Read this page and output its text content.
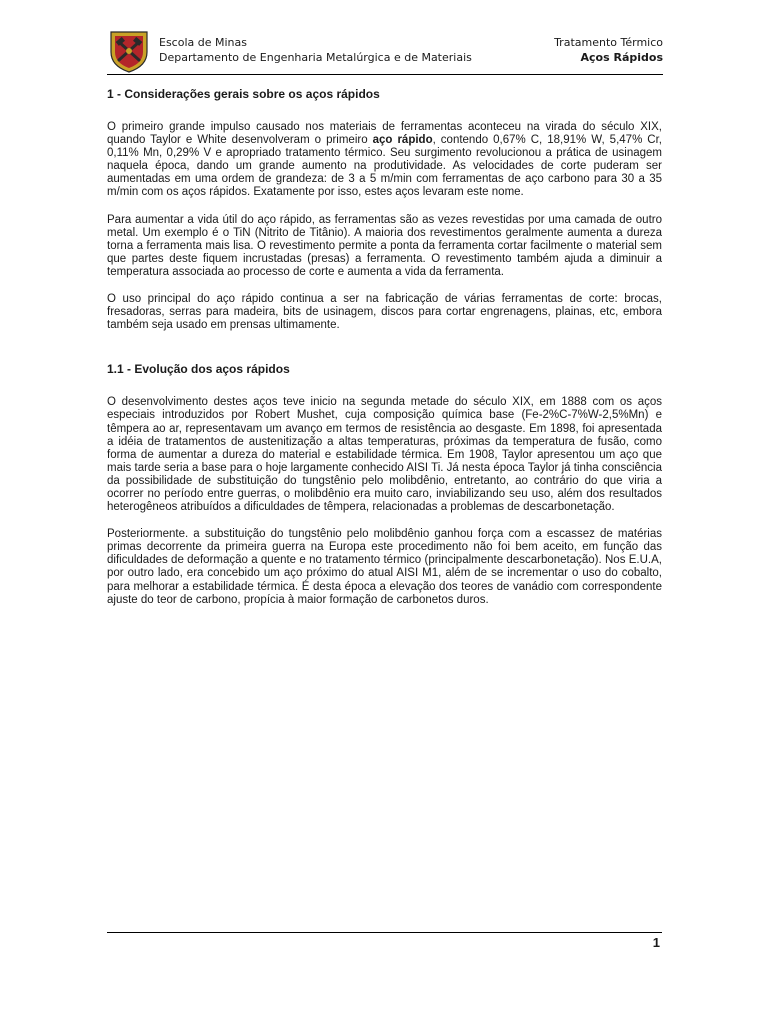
Escola de Minas
Departamento de Engenharia Metalúrgica e de Materiais
Tratamento Térmico
Aços Rápidos
1 - Considerações gerais sobre os aços rápidos

O primeiro grande impulso causado nos materiais de ferramentas aconteceu na virada do século XIX, quando Taylor e White desenvolveram o primeiro aço rápido, contendo 0,67% C, 18,91% W, 5,47% Cr, 0,11% Mn, 0,29% V e apropriado tratamento térmico. Seu surgimento revolucionou a prática de usinagem naquela época, dando um grande aumento na produtividade. As velocidades de corte puderam ser aumentadas em uma ordem de grandeza: de 3 a 5 m/min com ferramentas de aço carbono para 30 a 35 m/min com os aços rápidos. Exatamente por isso, estes aços levaram este nome.

Para aumentar a vida útil do aço rápido, as ferramentas são as vezes revestidas por uma camada de outro metal. Um exemplo é o TiN (Nitrito de Titânio). A maioria dos revestimentos geralmente aumenta a dureza torna a ferramenta mais lisa. O revestimento permite a ponta da ferramenta cortar facilmente o material sem que partes deste fiquem incrustadas (presas) a ferramenta. O revestimento também ajuda a diminuir a temperatura associada ao processo de corte e aumenta a vida da ferramenta.

O uso principal do aço rápido continua a ser na fabricação de várias ferramentas de corte: brocas, fresadoras, serras para madeira, bits de usinagem, discos para cortar engrenagens, plainas, etc, embora também seja usado em prensas ultimamente.

1.1 - Evolução dos aços rápidos

O desenvolvimento destes aços teve inicio na segunda metade do século XIX, em 1888 com os aços especiais introduzidos por Robert Mushet, cuja composição química base (Fe-2%C-7%W-2,5%Mn) e têmpera ao ar, representavam um avanço em termos de resistência ao desgaste. Em 1898, foi apresentada a idéia de tratamentos de austenitização a altas temperaturas, próximas da temperatura de fusão, como forma de aumentar a dureza do material e estabilidade térmica. Em 1908, Taylor apresentou um aço que mais tarde seria a base para o hoje largamente conhecido AISI Ti. Já nesta época Taylor já tinha consciência da possibilidade de substituição do tungstênio pelo molibdênio, entretanto, ao contrário do que viria a ocorrer no período entre guerras, o molibdênio era muito caro, inviabilizando seu uso, além dos resultados heterogêneos atribuídos a dificuldades de têmpera, relacionadas a problemas de descarbonetação.

Posteriormente. a substituição do tungstênio pelo molibdênio ganhou força com a escassez de matérias primas decorrente da primeira guerra na Europa este procedimento não foi bem aceito, em função das dificuldades de deformação a quente e no tratamento térmico (principalmente descarbonetação). Nos E.U.A, por outro lado, era concebido um aço próximo do atual AISI M1, além de se incrementar o uso do cobalto, para melhorar a estabilidade térmica. É desta época a elevação dos teores de vanádio com correspondente ajuste do teor de carbono, propícia à maior formação de carbonetos duros.

1
